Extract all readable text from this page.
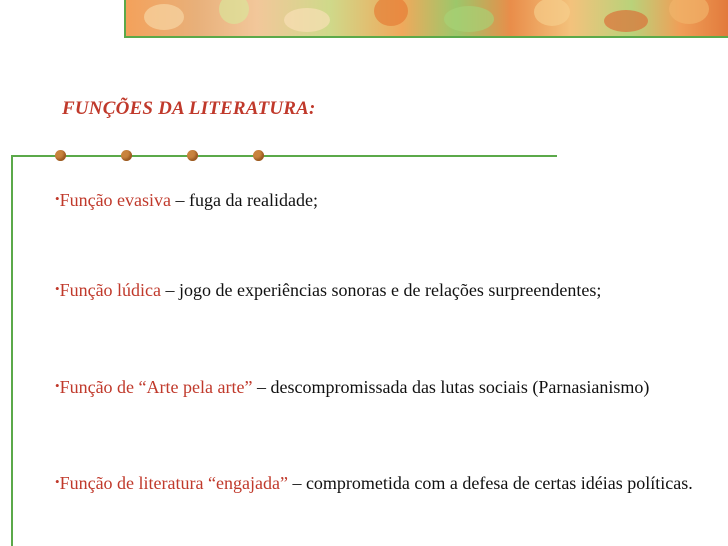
FUNÇÕES DA LITERATURA:
•Função evasiva – fuga da realidade;
•Função lúdica – jogo de experiências sonoras e de relações surpreendentes;
•Função de “Arte pela arte” – descompromissada das lutas sociais (Parnasianismo)
•Função de literatura “engajada” – comprometida com a defesa de certas idéias políticas.
